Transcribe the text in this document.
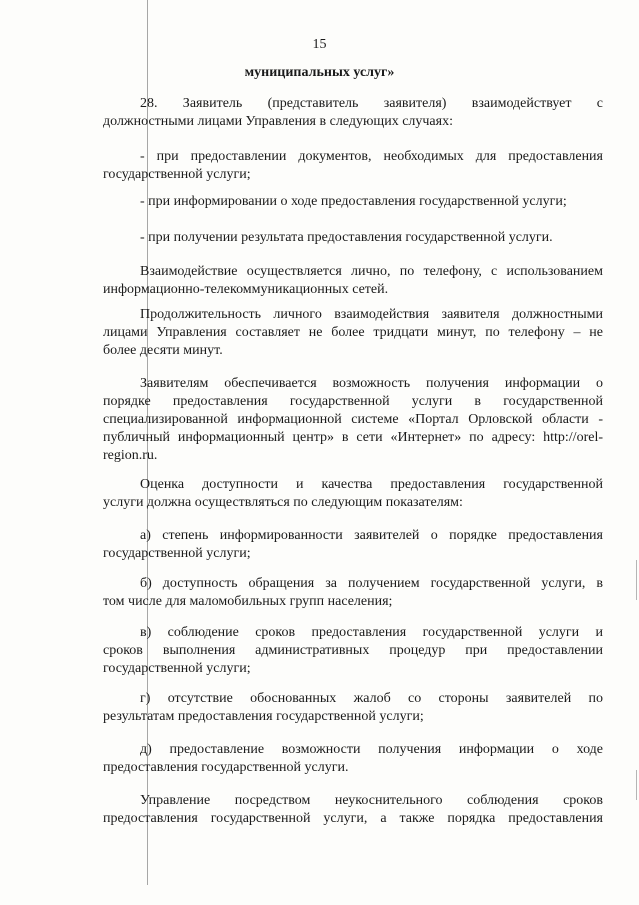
15
муниципальных услуг»
28. Заявитель (представитель заявителя) взаимодействует с
должностными лицами Управления в следующих случаях:
- при предоставлении документов, необходимых для предоставления
государственной услуги;
- при информировании о ходе предоставления государственной услуги;
- при получении результата предоставления государственной услуги.
Взаимодействие осуществляется лично, по телефону, с использованием
информационно-телекоммуникационных сетей.
Продолжительность личного взаимодействия заявителя должностными
лицами Управления составляет не более тридцати минут, по телефону – не
более десяти минут.
Заявителям обеспечивается возможность получения информации о
порядке предоставления государственной услуги в государственной
специализированной информационной системе «Портал Орловской области -
публичный информационный центр» в сети «Интернет» по адресу: http://orel-
region.ru.
Оценка доступности и качества предоставления государственной
услуги должна осуществляться по следующим показателям:
а) степень информированности заявителей о порядке предоставления
государственной услуги;
б) доступность обращения за получением государственной услуги, в
том числе для маломобильных групп населения;
в) соблюдение сроков предоставления государственной услуги и
сроков выполнения административных процедур при предоставлении
государственной услуги;
г) отсутствие обоснованных жалоб со стороны заявителей по
результатам предоставления государственной услуги;
д) предоставление возможности получения информации о ходе
предоставления государственной услуги.
Управление посредством неукоснительного соблюдения сроков
предоставления государственной услуги, а также порядка предоставления
